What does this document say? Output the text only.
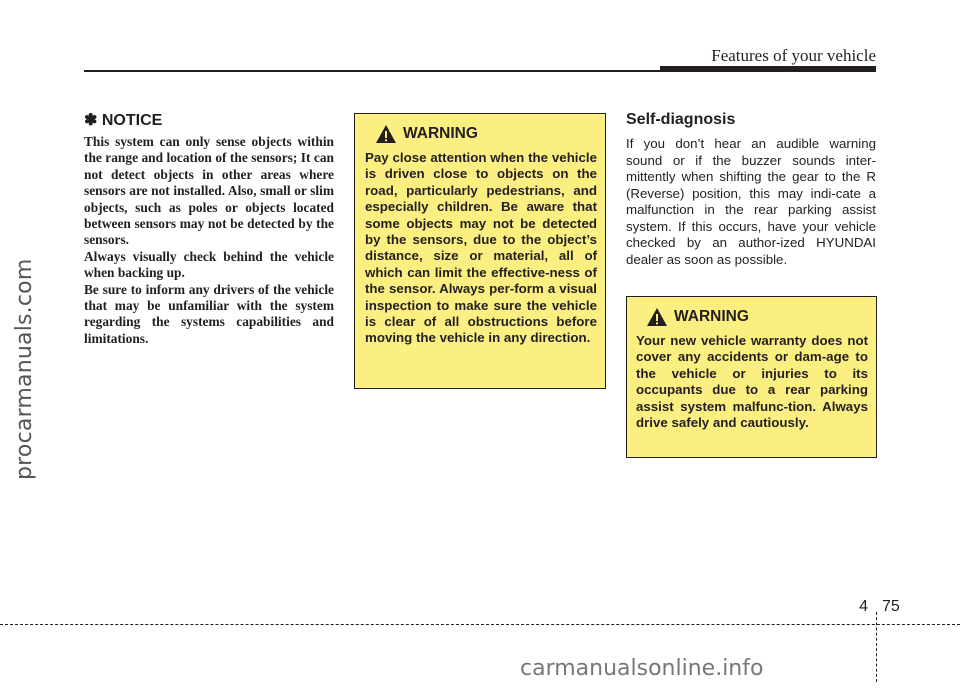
Features of your vehicle
procarmanuals.com
✽ NOTICE

This system can only sense objects within the range and location of the sensors; It can not detect objects in other areas where sensors are not installed. Also, small or slim objects, such as poles or objects located between sensors may not be detected by the sensors.

Always visually check behind the vehicle when backing up.

Be sure to inform any drivers of the vehicle that may be unfamiliar with the system regarding the systems capabilities and limitations.

WARNING

Pay close attention when the vehicle is driven close to objects on the road, particularly pedestrians, and especially children. Be aware that some objects may not be detected by the sensors, due to the object’s distance, size or material, all of which can limit the effective-ness of the sensor. Always per-form a visual inspection to make sure the vehicle is clear of all obstructions before moving the vehicle in any direction.

Self-diagnosis
If you don’t hear an audible warning sound or if the buzzer sounds inter-mittently when shifting the gear to the R (Reverse) position, this may indi-cate a malfunction in the rear parking assist system. If this occurs, have your vehicle checked by an author-ized HYUNDAI dealer as soon as possible.
WARNING

Your new vehicle warranty does not cover any accidents or dam-age to the vehicle or injuries to its occupants due to a rear parking assist system malfunc-tion. Always drive safely and cautiously.

4 75
carmanualsonline.info
